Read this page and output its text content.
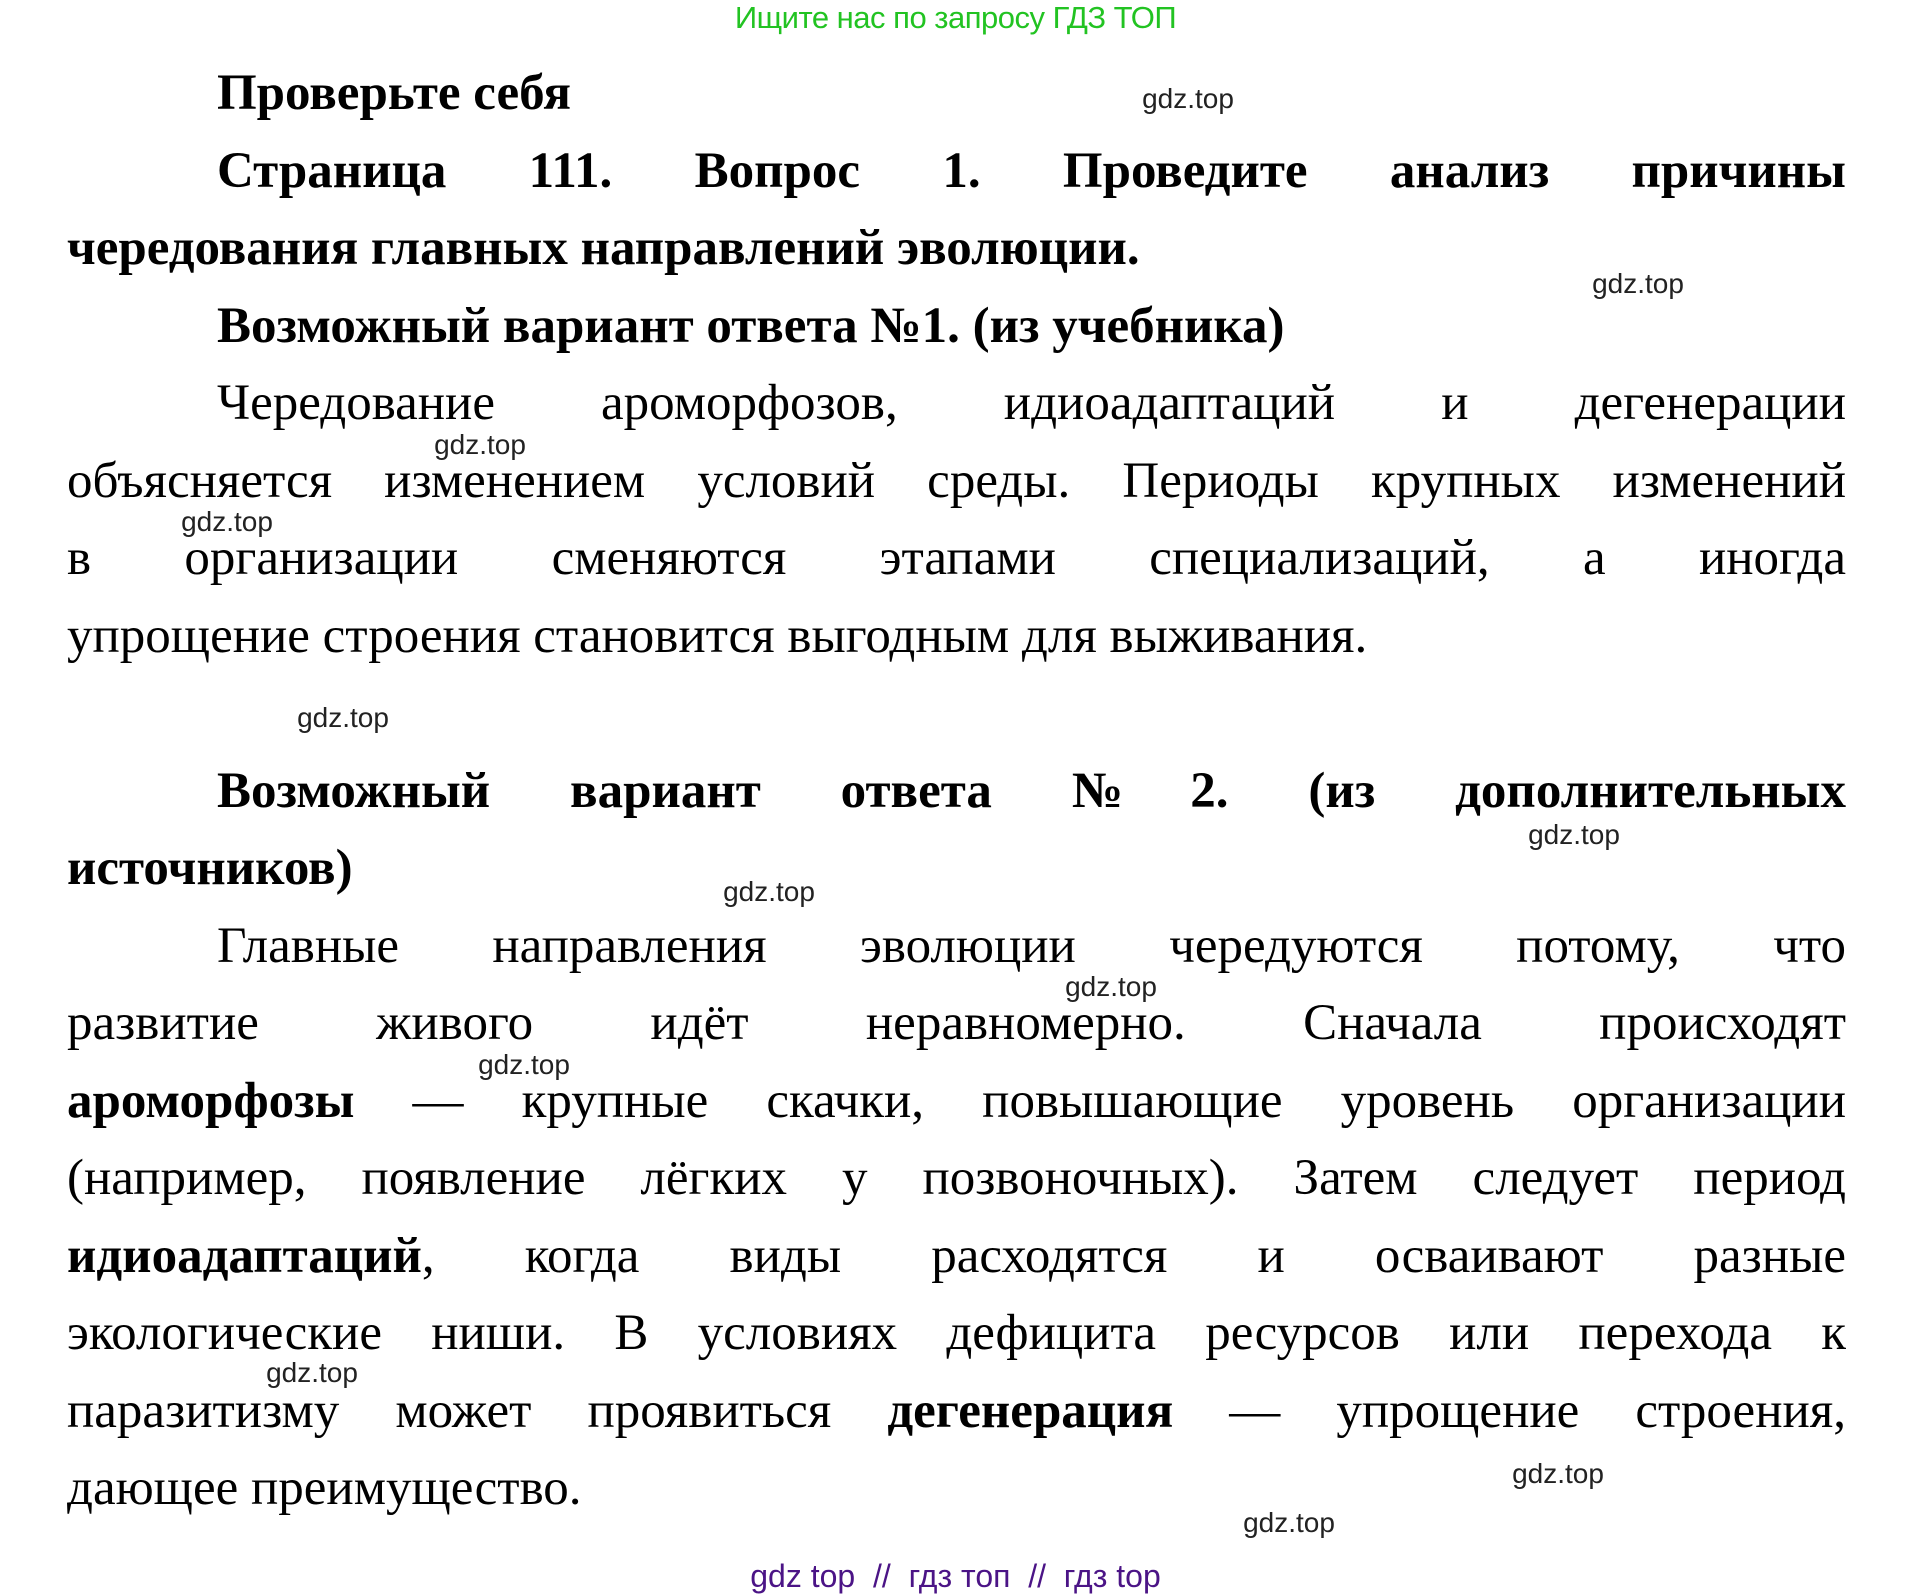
Ищите нас по запросу ГДЗ ТОП
Проверьте себя
Страница 111. Вопрос 1. Проведите анализ причины
чередования главных направлений эволюции.
Возможный вариант ответа №1. (из учебника)
Чередование ароморфозов, идиоадаптаций и дегенерации
объясняется изменением условий среды. Периоды крупных изменений
в организации сменяются этапами специализаций, а иногда
упрощение строения становится выгодным для выживания.
Возможный вариант ответа №2. (из дополнительных
источников)
Главные направления эволюции чередуются потому, что
развитие живого идёт неравномерно. Сначала происходят
ароморфозы — крупные скачки, повышающие уровень организации
(например, появление лёгких у позвоночных). Затем следует период
идиоадаптаций, когда виды расходятся и осваивают разные
экологические ниши. В условиях дефицита ресурсов или перехода к
паразитизму может проявиться дегенерация — упрощение строения,
дающее преимущество.
gdz.top
gdz.top
gdz.top
gdz.top
gdz.top
gdz.top
gdz.top
gdz.top
gdz.top
gdz.top
gdz.top
gdz.top
gdz top  //  гдз топ  //  гдз top
